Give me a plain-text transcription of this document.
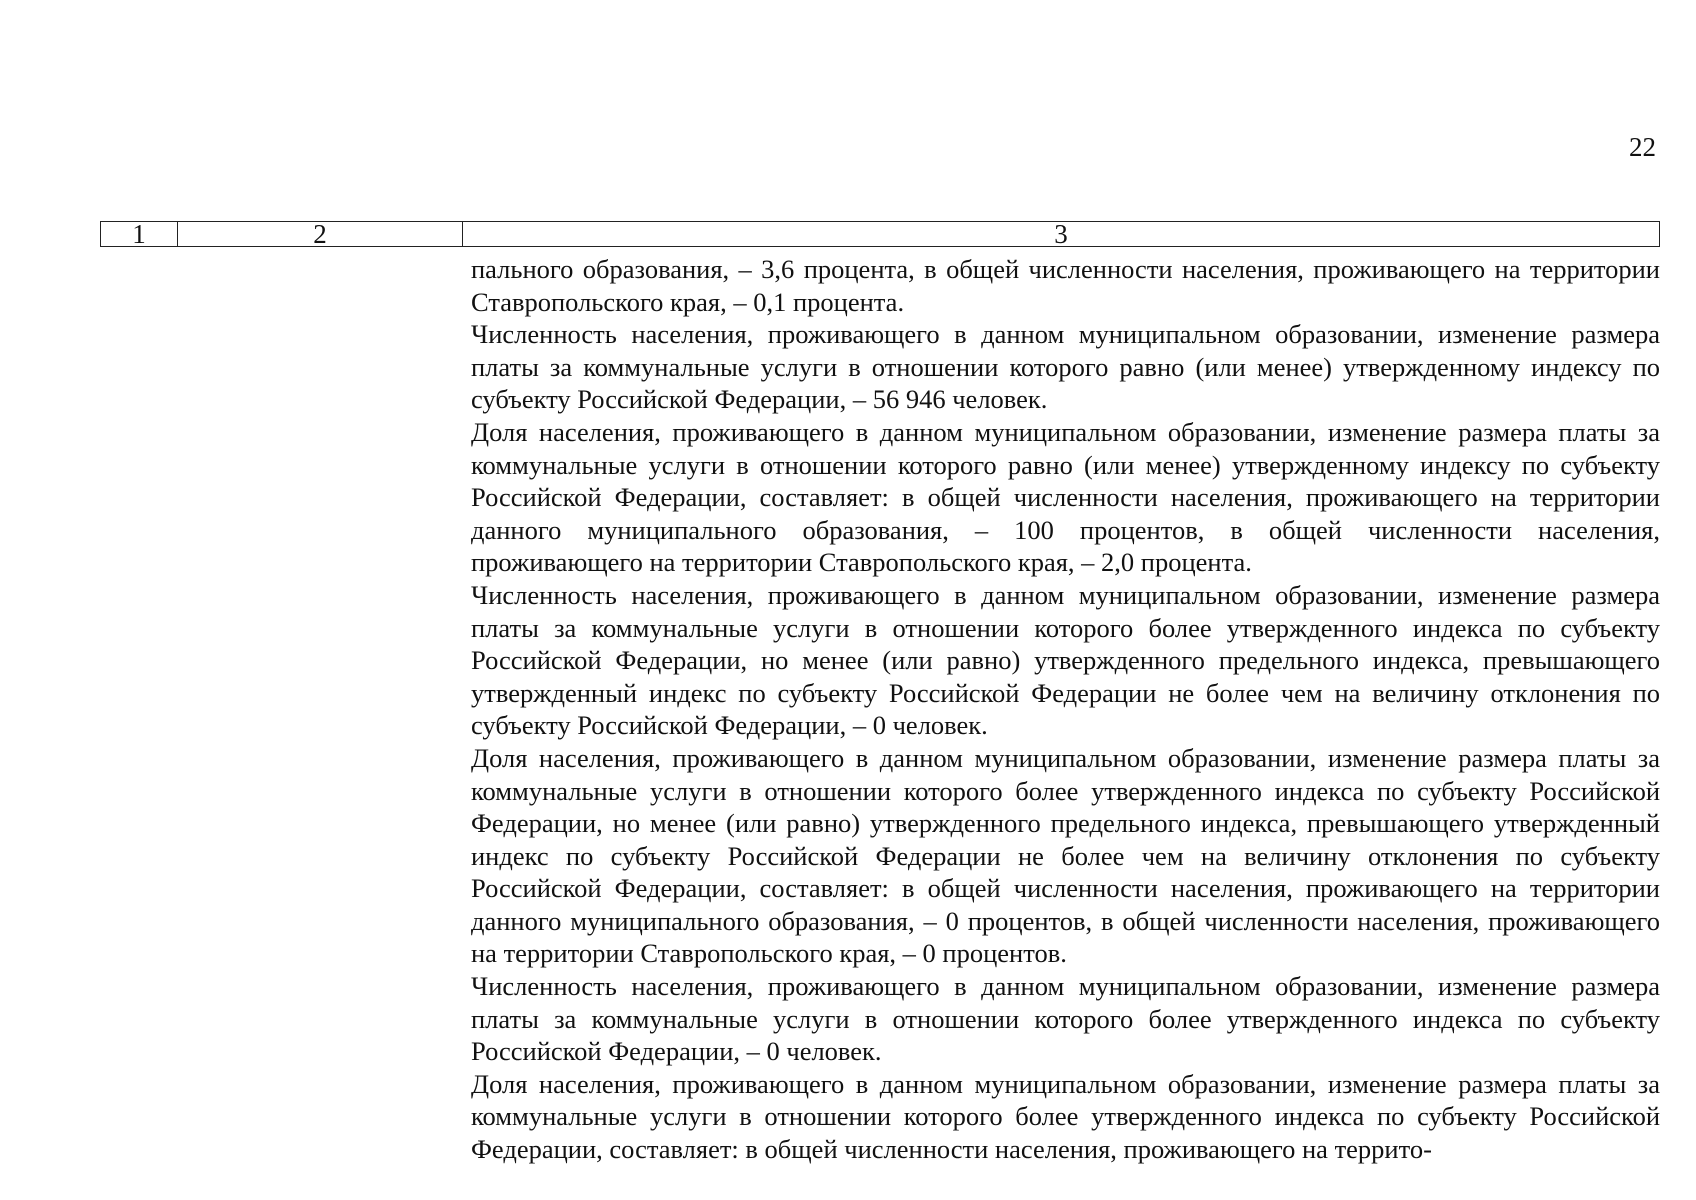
22
1	2	3

пального образования, – 3,6 процента, в общей численности населения, проживающего на территории Ставропольского края, – 0,1 процента.

Численность населения, проживающего в данном муниципальном образовании, изменение размера платы за коммунальные услуги в отношении которого равно (или менее) утвержденному индексу по субъекту Российской Федерации, – 56 946 человек.

Доля населения, проживающего в данном муниципальном образовании, изменение размера платы за коммунальные услуги в отношении которого равно (или менее) утвержденному индексу по субъекту Российской Федерации, составляет: в общей численности населения, проживающего на территории данного муниципального образования, – 100 процентов, в общей численности населения, проживающего на территории Ставропольского края, – 2,0 процента.

Численность населения, проживающего в данном муниципальном образовании, изменение размера платы за коммунальные услуги в отношении которого более утвержденного индекса по субъекту Российской Федерации, но менее (или равно) утвержденного предельного индекса, превышающего утвержденный индекс по субъекту Российской Федерации не более чем на величину отклонения по субъекту Российской Федерации, – 0 человек.

Доля населения, проживающего в данном муниципальном образовании, изменение размера платы за коммунальные услуги в отношении которого более утвержденного индекса по субъекту Российской Федерации, но менее (или равно) утвержденного предельного индекса, превышающего утвержденный индекс по субъекту Российской Федерации не более чем на величину отклонения по субъекту Российской Федерации, составляет: в общей численности населения, проживающего на территории данного муниципального образования, – 0 процентов, в общей численности населения, проживающего на территории Ставропольского края, – 0 процентов.

Численность населения, проживающего в данном муниципальном образовании, изменение размера платы за коммунальные услуги в отношении которого более утвержденного индекса по субъекту Российской Федерации, – 0 человек.

Доля населения, проживающего в данном муниципальном образовании, изменение размера платы за коммунальные услуги в отношении которого более утвержденного индекса по субъекту Российской Федерации, составляет: в общей численности населения, проживающего на террито-
